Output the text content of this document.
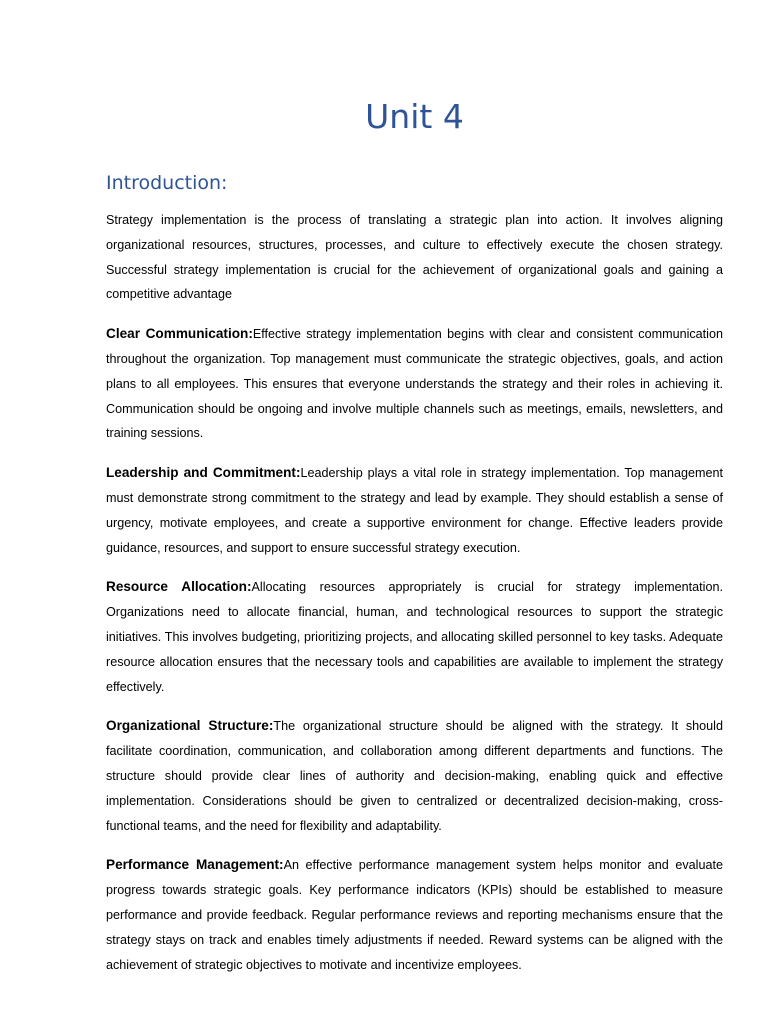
Unit 4
Introduction:

Strategy implementation is the process of translating a strategic plan into action. It involves aligning organizational resources, structures, processes, and culture to effectively execute the chosen strategy. Successful strategy implementation is crucial for the achievement of organizational goals and gaining a competitive advantage

Clear Communication:Effective strategy implementation begins with clear and consistent communication throughout the organization. Top management must communicate the strategic objectives, goals, and action plans to all employees. This ensures that everyone understands the strategy and their roles in achieving it. Communication should be ongoing and involve multiple channels such as meetings, emails, newsletters, and training sessions.

Leadership and Commitment:Leadership plays a vital role in strategy implementation. Top management must demonstrate strong commitment to the strategy and lead by example. They should establish a sense of urgency, motivate employees, and create a supportive environment for change. Effective leaders provide guidance, resources, and support to ensure successful strategy execution.

Resource Allocation:Allocating resources appropriately is crucial for strategy implementation. Organizations need to allocate financial, human, and technological resources to support the strategic initiatives. This involves budgeting, prioritizing projects, and allocating skilled personnel to key tasks. Adequate resource allocation ensures that the necessary tools and capabilities are available to implement the strategy effectively.

Organizational Structure:The organizational structure should be aligned with the strategy. It should facilitate coordination, communication, and collaboration among different departments and functions. The structure should provide clear lines of authority and decision-making, enabling quick and effective implementation. Considerations should be given to centralized or decentralized decision-making, cross-functional teams, and the need for flexibility and adaptability.

Performance Management:An effective performance management system helps monitor and evaluate progress towards strategic goals. Key performance indicators (KPIs) should be established to measure performance and provide feedback. Regular performance reviews and reporting mechanisms ensure that the strategy stays on track and enables timely adjustments if needed. Reward systems can be aligned with the achievement of strategic objectives to motivate and incentivize employees.
